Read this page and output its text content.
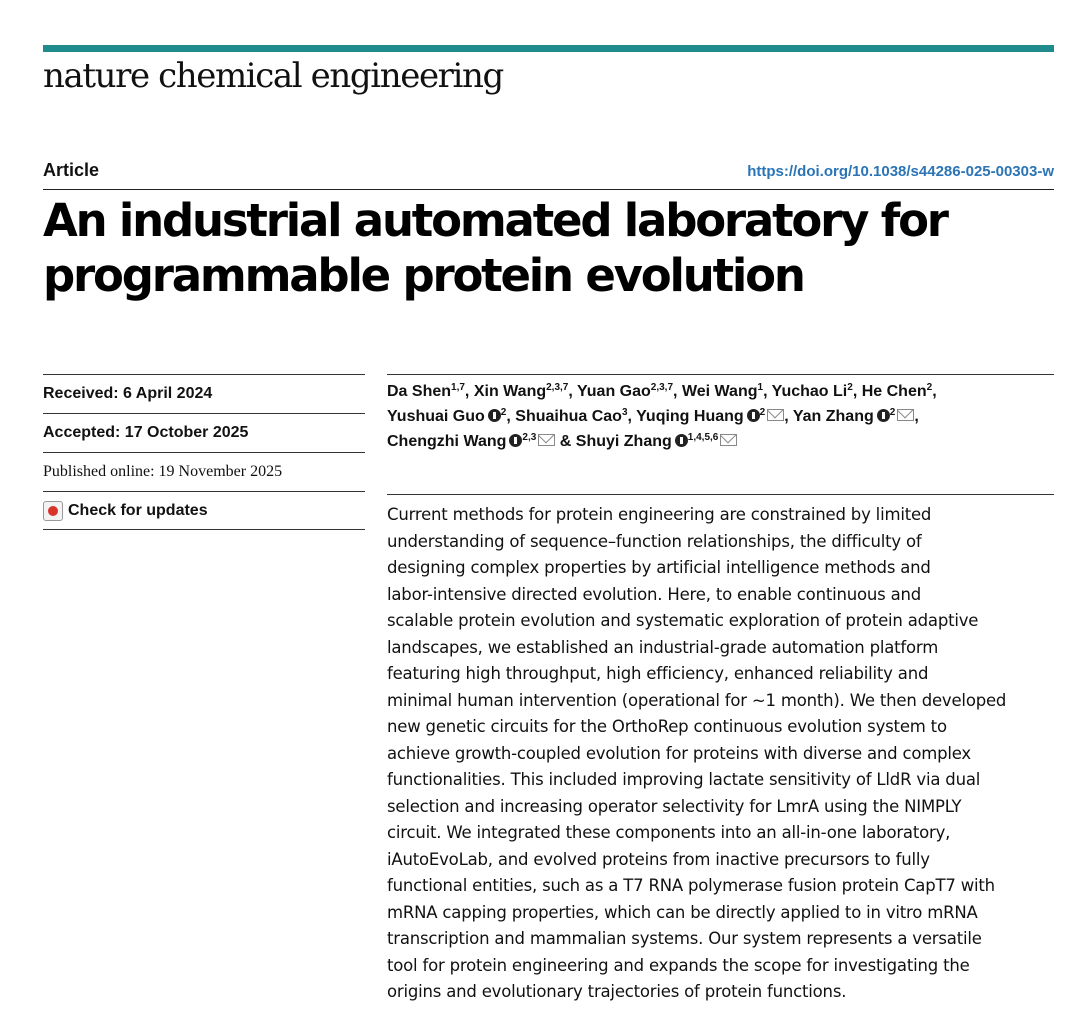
nature chemical engineering
Article	https://doi.org/10.1038/s44286-025-00303-w
An industrial automated laboratory for
programmable protein evolution
Received: 6 April 2024
Accepted: 17 October 2025
Published online: 19 November 2025
Check for updates
Da Shen$^{1,7}$, Xin Wang$^{2,3,7}$, Yuan Gao$^{2,3,7}$, Wei Wang$^1$, Yuchao Li$^2$, He Chen$^2$,
Yushuai Guo $^2$, Shuaihua Cao$^3$, Yuqing Huang $^2$ , Yan Zhang $^2$ ,
Chengzhi Wang $^{2,3}$ & Shuyi Zhang $^{1,4,5,6}$
Current methods for protein engineering are constrained by limited
understanding of sequence–function relationships, the difficulty of
designing complex properties by artificial intelligence methods and
labor-intensive directed evolution. Here, to enable continuous and
scalable protein evolution and systematic exploration of protein adaptive
landscapes, we established an industrial-grade automation platform
featuring high throughput, high efficiency, enhanced reliability and
minimal human intervention (operational for ~1 month). We then developed
new genetic circuits for the OrthoRep continuous evolution system to
achieve growth-coupled evolution for proteins with diverse and complex
functionalities. This included improving lactate sensitivity of LldR via dual
selection and increasing operator selectivity for LmrA using the NIMPLY
circuit. We integrated these components into an all-in-one laboratory,
iAutoEvoLab, and evolved proteins from inactive precursors to fully
functional entities, such as a T7 RNA polymerase fusion protein CapT7 with
mRNA capping properties, which can be directly applied to in vitro mRNA
transcription and mammalian systems. Our system represents a versatile
tool for protein engineering and expands the scope for investigating the
origins and evolutionary trajectories of protein functions.
